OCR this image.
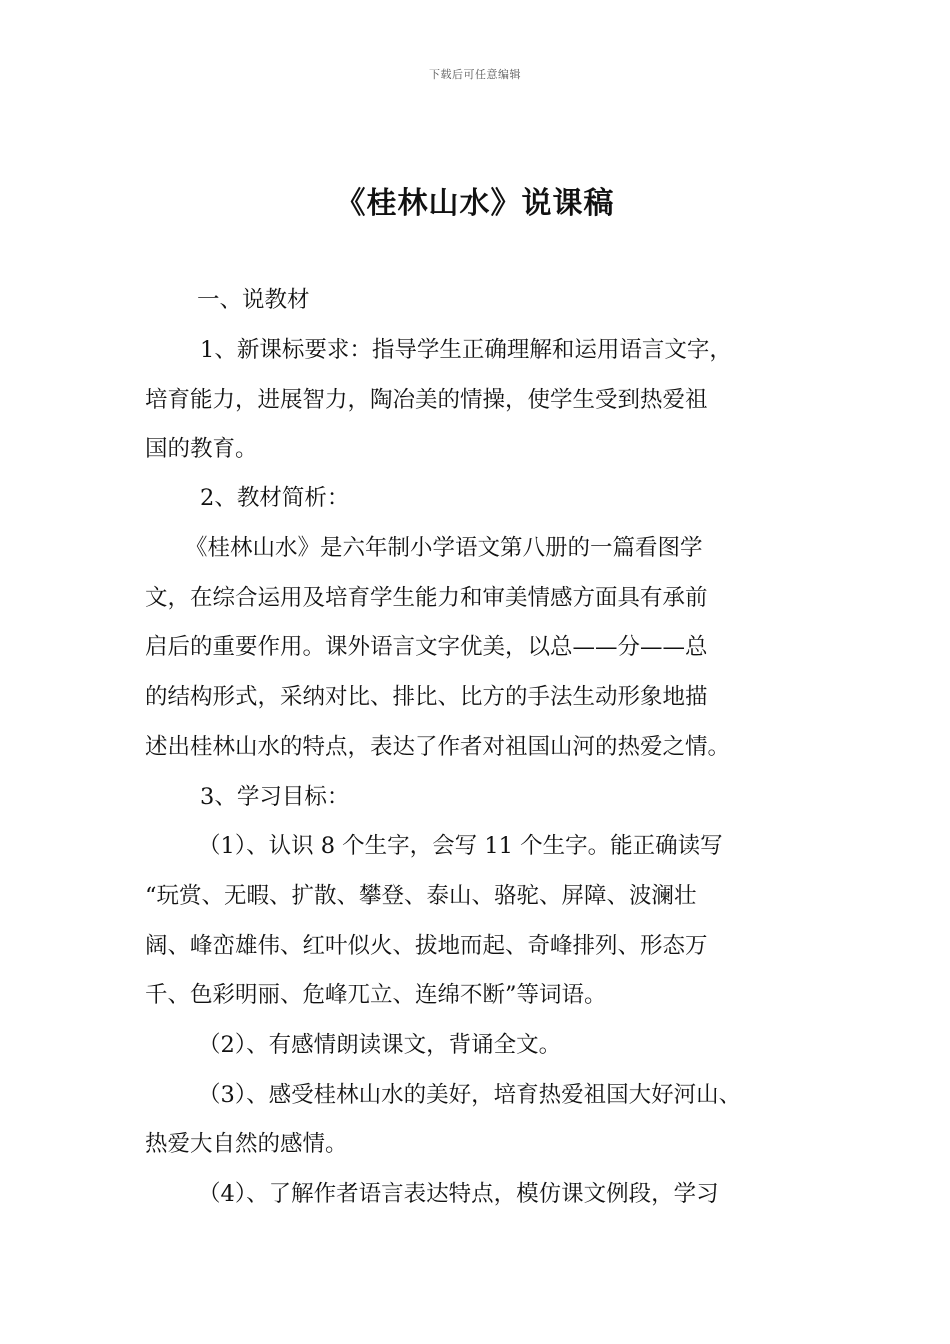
下载后可任意编辑
《桂林山水》说课稿
一、说教材
1、新课标要求：指导学生正确理解和运用语言文字，
培育能力，进展智力，陶冶美的情操，使学生受到热爱祖
国的教育。
2、教材简析：
《桂林山水》是六年制小学语文第八册的一篇看图学
文，在综合运用及培育学生能力和审美情感方面具有承前
启后的重要作用。课外语言文字优美，以总——分——总
的结构形式，采纳对比、排比、比方的手法生动形象地描
述出桂林山水的特点，表达了作者对祖国山河的热爱之情。
3、学习目标：
（1）、认识 8 个生字，会写 11 个生字。能正确读写
“玩赏、无暇、扩散、攀登、泰山、骆驼、屏障、波澜壮
阔、峰峦雄伟、红叶似火、拔地而起、奇峰排列、形态万
千、色彩明丽、危峰兀立、连绵不断”等词语。
（2）、有感情朗读课文，背诵全文。
（3）、感受桂林山水的美好，培育热爱祖国大好河山、
热爱大自然的感情。
（4）、了解作者语言表达特点，模仿课文例段，学习
